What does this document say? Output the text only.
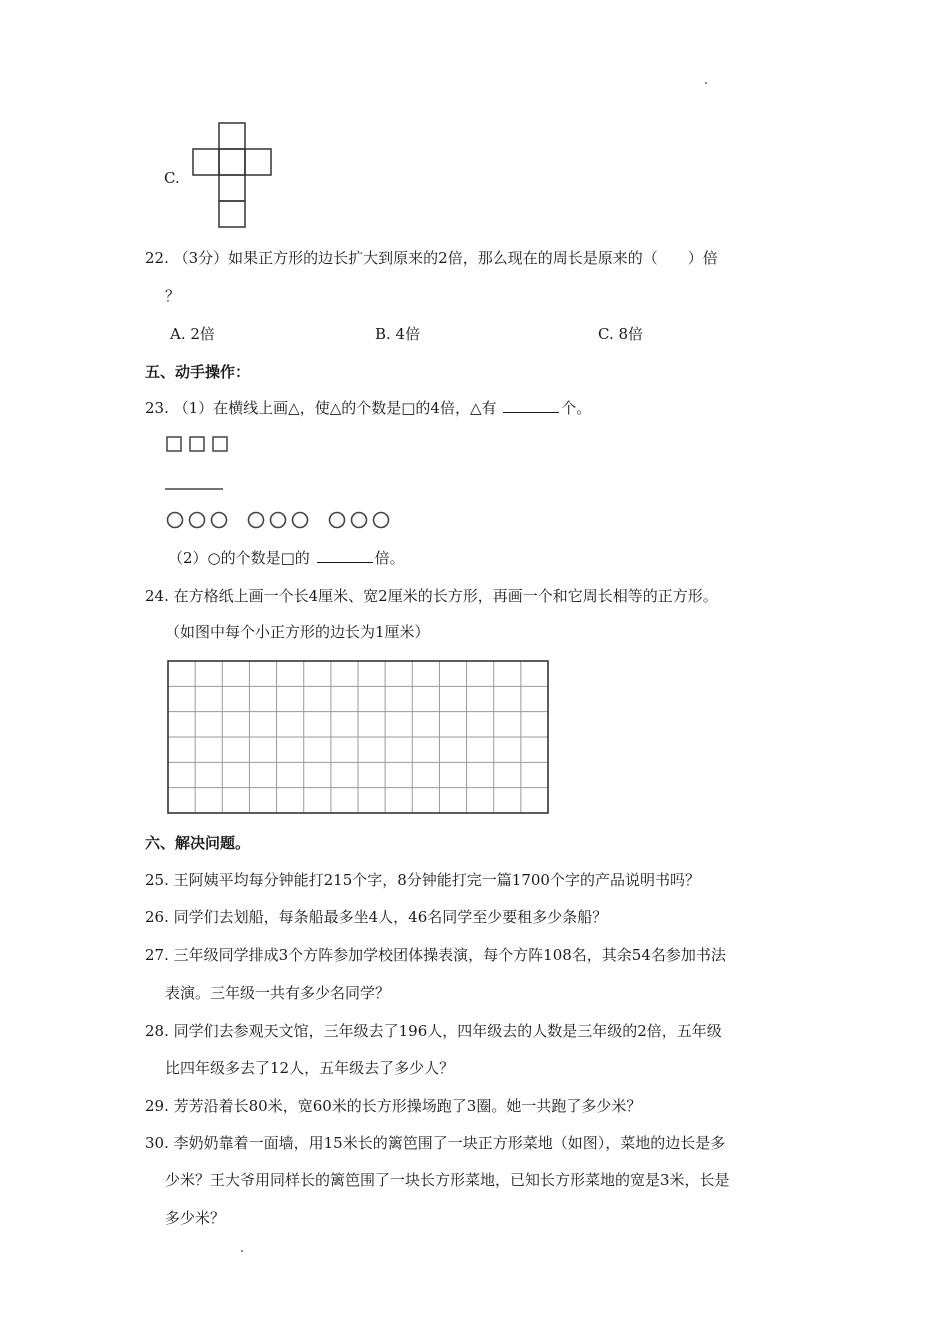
C.
22. （3分）如果正方形的边长扩大到原来的2倍，那么现在的周长是原来的（　　）倍
？
A. 2倍	B. 4倍	C. 8倍
五、动手操作：
23. （1）在横线上画△，使△的个数是□的4倍，△有	个。
（2）○的个数是□的	倍。
24. 在方格纸上画一个长4厘米、宽2厘米的长方形，再画一个和它周长相等的正方形。
（如图中每个小正方形的边长为1厘米）
六、解决问题。
25. 王阿姨平均每分钟能打215个字，8分钟能打完一篇1700个字的产品说明书吗？
26. 同学们去划船，每条船最多坐4人，46名同学至少要租多少条船？
27. 三年级同学排成3个方阵参加学校团体操表演，每个方阵108名，其余54名参加书法
表演。三年级一共有多少名同学？
28. 同学们去参观天文馆，三年级去了196人，四年级去的人数是三年级的2倍，五年级
比四年级多去了12人，五年级去了多少人？
29. 芳芳沿着长80米，宽60米的长方形操场跑了3圈。她一共跑了多少米？
30. 李奶奶靠着一面墙，用15米长的篱笆围了一块正方形菜地（如图），菜地的边长是多
少米？王大爷用同样长的篱笆围了一块长方形菜地，已知长方形菜地的宽是3米，长是
多少米？
